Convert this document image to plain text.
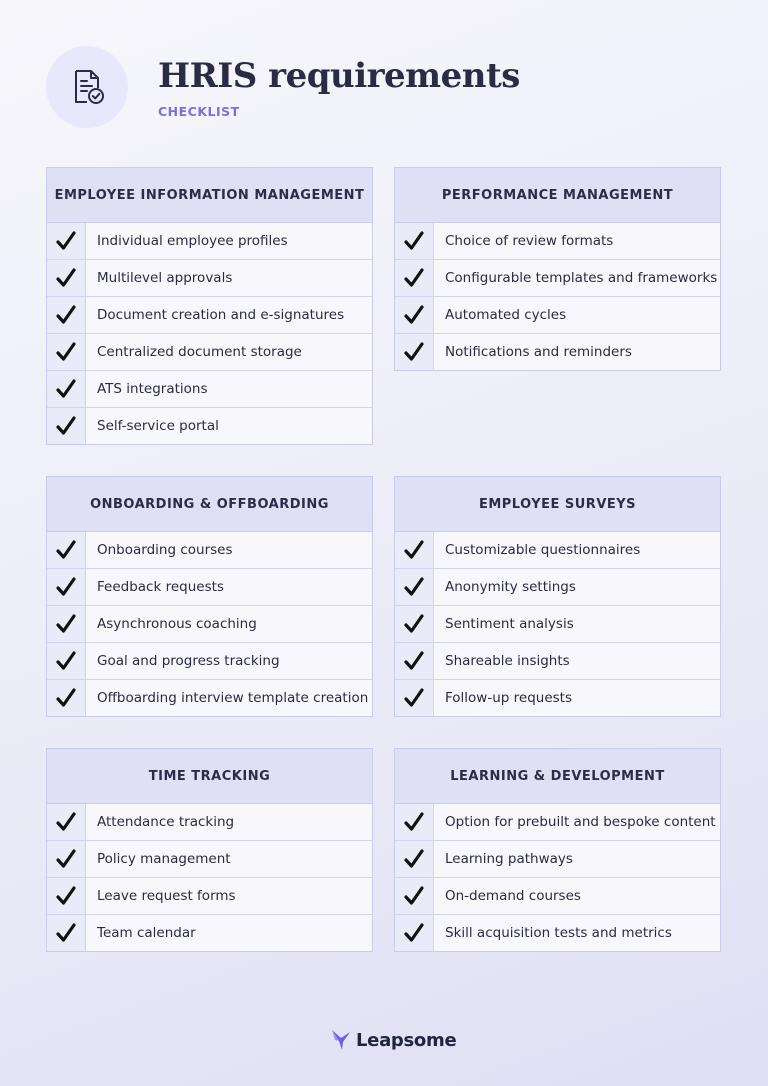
HRIS requirements
CHECKLIST
EMPLOYEE INFORMATION MANAGEMENT
Individual employee profiles
Multilevel approvals
Document creation and e-signatures
Centralized document storage
ATS integrations
Self-service portal
PERFORMANCE MANAGEMENT
Choice of review formats
Configurable templates and frameworks
Automated cycles
Notifications and reminders
ONBOARDING & OFFBOARDING
Onboarding courses
Feedback requests
Asynchronous coaching
Goal and progress tracking
Offboarding interview template creation
EMPLOYEE SURVEYS
Customizable questionnaires
Anonymity settings
Sentiment analysis
Shareable insights
Follow-up requests
TIME TRACKING
Attendance tracking
Policy management
Leave request forms
Team calendar
LEARNING & DEVELOPMENT
Option for prebuilt and bespoke content
Learning pathways
On-demand courses
Skill acquisition tests and metrics
Leapsome
